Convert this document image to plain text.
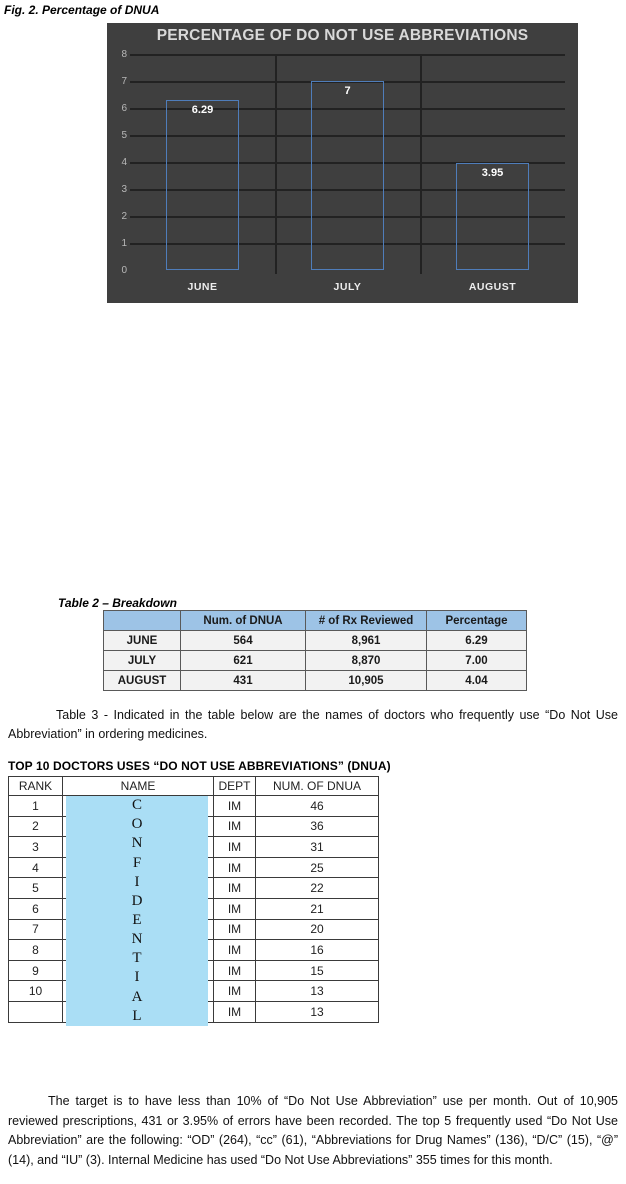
Fig. 2. Percentage of DNUA
PERCENTAGE OF DO NOT USE ABBREVIATIONS
0
1
2
3
4
5
6
7
8
6.29
JUNE
7
JULY
3.95
AUGUST
Table 2 – Breakdown
	Num. of DNUA	# of Rx Reviewed	Percentage
JUNE	564	8,961	6.29
JULY	621	8,870	7.00
AUGUST	431	10,905	4.04

Table 3 - Indicated in the table below are the names of doctors who frequently use “Do Not Use Abbreviation” in ordering medicines.

TOP 10 DOCTORS USES “DO NOT USE ABBREVIATIONS” (DNUA)
RANK	NAME	DEPT	NUM. OF DNUA
1		IM	46
2		IM	36
3		IM	31
4		IM	25
5		IM	22
6		IM	21
7		IM	20
8		IM	16
9		IM	15
10		IM	13
		IM	13
C
O
N
F
I
D
E
N
T
I
A
L

The target is to have less than 10% of “Do Not Use Abbreviation” use per month. Out of 10,905 reviewed prescriptions, 431 or 3.95% of errors have been recorded. The top 5 frequently used “Do Not Use Abbreviation” are the following: “OD” (264), “cc” (61), “Abbreviations for Drug Names” (136), “D/C” (15), “@” (14), and “IU” (3). Internal Medicine has used “Do Not Use Abbreviations” 355 times for this month.
